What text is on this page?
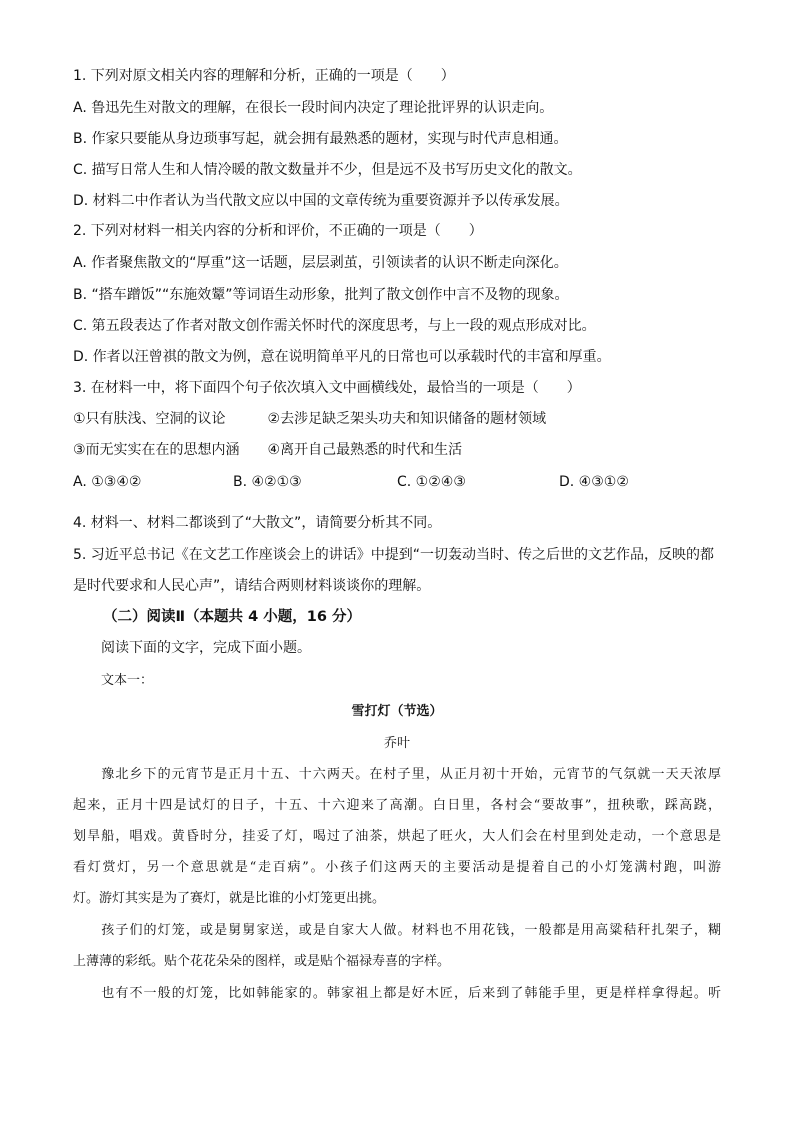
1. 下列对原文相关内容的理解和分析，正确的一项是（　　）
A. 鲁迅先生对散文的理解，在很长一段时间内决定了理论批评界的认识走向。
B. 作家只要能从身边琐事写起，就会拥有最熟悉的题材，实现与时代声息相通。
C. 描写日常人生和人情冷暖的散文数量并不少，但是远不及书写历史文化的散文。
D. 材料二中作者认为当代散文应以中国的文章传统为重要资源并予以传承发展。
2. 下列对材料一相关内容的分析和评价，不正确的一项是（　　）
A. 作者聚焦散文的“厚重”这一话题，层层剥茧，引领读者的认识不断走向深化。
B. “搭车蹭饭”“东施效颦”等词语生动形象，批判了散文创作中言不及物的现象。
C. 第五段表达了作者对散文创作需关怀时代的深度思考，与上一段的观点形成对比。
D. 作者以汪曾祺的散文为例，意在说明简单平凡的日常也可以承载时代的丰富和厚重。
3. 在材料一中，将下面四个句子依次填入文中画横线处，最恰当的一项是（　　）
①只有肤浅、空洞的议论　　　②去涉足缺乏架头功夫和知识储备的题材领域
③而无实实在在的思想内涵　　④离开自己最熟悉的时代和生活
A. ①③④②	B. ④②①③	C. ①②④③	D. ④③①②
4. 材料一、材料二都谈到了“大散文”，请简要分析其不同。
5. 习近平总书记《在文艺工作座谈会上的讲话》中提到“一切轰动当时、传之后世的文艺作品，反映的都
是时代要求和人民心声”，请结合两则材料谈谈你的理解。
（二）阅读Ⅱ（本题共 4 小题，16 分）
阅读下面的文字，完成下面小题。
文本一：
雪打灯（节选）
乔叶
　　豫北乡下的元宵节是正月十五、十六两天。在村子里，从正月初十开始，元宵节的气氛就一天天浓厚
起来，正月十四是试灯的日子，十五、十六迎来了高潮。白日里，各村会“要故事”，扭秧歌，踩高跷，
划旱船，唱戏。黄昏时分，挂妥了灯，喝过了油茶，烘起了旺火，大人们会在村里到处走动，一个意思是
看灯赏灯，另一个意思就是“走百病”。小孩子们这两天的主要活动是提着自己的小灯笼满村跑，叫游
灯。游灯其实是为了赛灯，就是比谁的小灯笼更出挑。
　　孩子们的灯笼，或是舅舅家送，或是自家大人做。材料也不用花钱，一般都是用高粱秸秆扎架子，糊
上薄薄的彩纸。贴个花花朵朵的图样，或是贴个福禄寿喜的字样。
　　也有不一般的灯笼，比如韩能家的。韩家祖上都是好木匠，后来到了韩能手里，更是样样拿得起。听
